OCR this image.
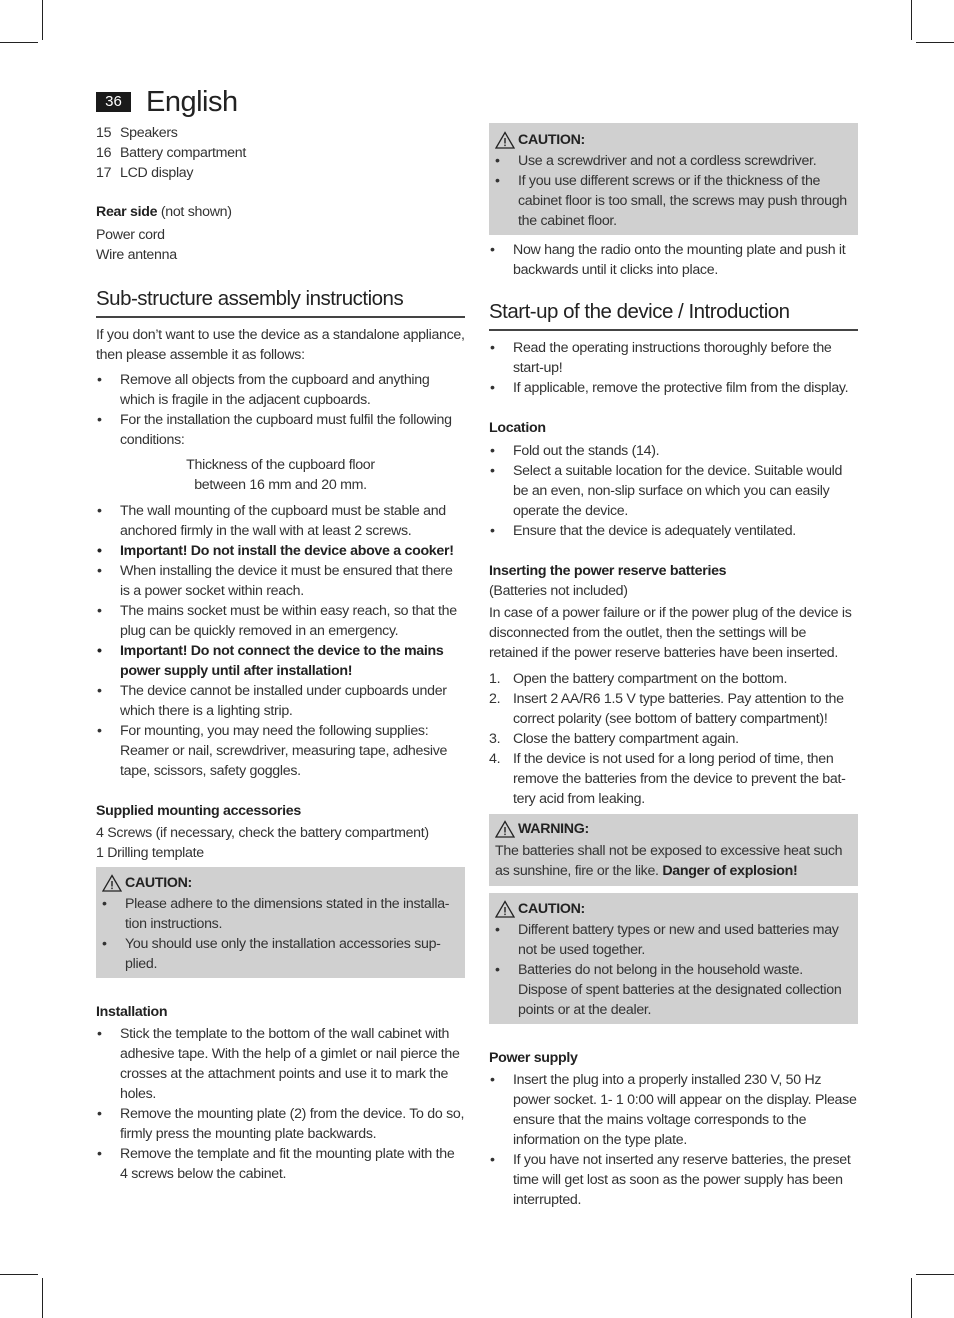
36 English
15 Speakers
16 Battery compartment
17 LCD display

Rear side (not shown)

Power cord

Wire antenna

Sub-structure assembly instructions

If you don’t want to use the device as a standalone appliance, then please assemble it as follows:

• Remove all objects from the cupboard and anything which is fragile in the adjacent cupboards.
• For the installation the cupboard must fulfil the following conditions:

Thickness of the cupboard floor

between 16 mm and 20 mm.

• The wall mounting of the cupboard must be stable and anchored firmly in the wall with at least 2 screws.
• Important! Do not install the device above a cooker!
• When installing the device it must be ensured that there is a power socket within reach.
• The mains socket must be within easy reach, so that the plug can be quickly removed in an emergency.
• Important! Do not connect the device to the mains power supply until after installation!
• The device cannot be installed under cupboards under which there is a lighting strip.
• For mounting, you may need the following supplies: Reamer or nail, screwdriver, measuring tape, adhesive tape, scissors, safety goggles.

Supplied mounting accessories

4 Screws (if necessary, check the battery compartment)

1 Drilling template

CAUTION:
• Please adhere to the dimensions stated in the installa-tion instructions.
• You should use only the installation accessories sup-plied.

Installation

• Stick the template to the bottom of the wall cabinet with adhesive tape. With the help of a gimlet or nail pierce the crosses at the attachment points and use it to mark the holes.
• Remove the mounting plate (2) from the device. To do so, firmly press the mounting plate backwards.
• Remove the template and fit the mounting plate with the 4 screws below the cabinet.
CAUTION:
• Use a screwdriver and not a cordless screwdriver.
• If you use different screws or if the thickness of the cabinet floor is too small, the screws may push through the cabinet floor.
• Now hang the radio onto the mounting plate and push it backwards until it clicks into place.
Start-up of the device / Introduction
• Read the operating instructions thoroughly before the start-up!
• If applicable, remove the protective film from the display.

Location

• Fold out the stands (14).
• Select a suitable location for the device. Suitable would be an even, non-slip surface on which you can easily operate the device.
• Ensure that the device is adequately ventilated.

Inserting the power reserve batteries

(Batteries not included)

In case of a power failure or if the power plug of the device is disconnected from the outlet, then the settings will be retained if the power reserve batteries have been inserted.

1. Open the battery compartment on the bottom.
2. Insert 2 AA/R6 1.5 V type batteries. Pay attention to the correct polarity (see bottom of battery compartment)!
3. Close the battery compartment again.
4. If the device is not used for a long period of time, then remove the batteries from the device to prevent the bat-tery acid from leaking.
WARNING:

The batteries shall not be exposed to excessive heat such as sunshine, fire or the like. Danger of explosion!

CAUTION:
• Different battery types or new and used batteries may not be used together.
• Batteries do not belong in the household waste. Dispose of spent batteries at the designated collection points or at the dealer.

Power supply

• Insert the plug into a properly installed 230 V, 50 Hz power socket. 1- 1 0:00 will appear on the display. Please ensure that the mains voltage corresponds to the information on the type plate.
• If you have not inserted any reserve batteries, the preset time will get lost as soon as the power supply has been interrupted.
